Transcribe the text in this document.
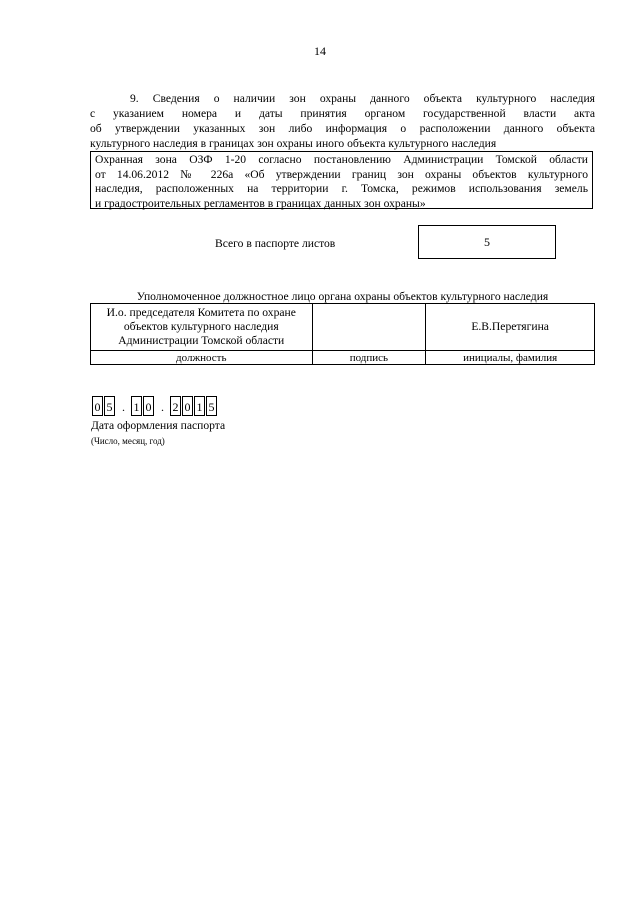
14

9. Сведения о наличии зон охраны данного объекта культурного наследия

с указанием номера и даты принятия органом государственной власти акта

об утверждении указанных зон либо информация о расположении данного объекта

культурного наследия в границах зон охраны иного объекта культурного наследия

Охранная зона ОЗФ 1-20 согласно постановлению Администрации Томской области

от 14.06.2012 № 226а «Об утверждении границ зон охраны объектов культурного

наследия, расположенных на территории г. Томска, режимов использования земель

и градостроительных регламентов в границах данных зон охраны»

Всего в паспорте листов	5
Уполномоченное должностное лицо органа охраны объектов культурного наследия
И.о. председателя Комитета по охране
объектов культурного наследия
Администрации Томской области		Е.В.Перетягина
должность	подпись	инициалы, фамилия
0 5 . 1 0 . 2 0 1 5
Дата оформления паспорта
(Число, месяц, год)
